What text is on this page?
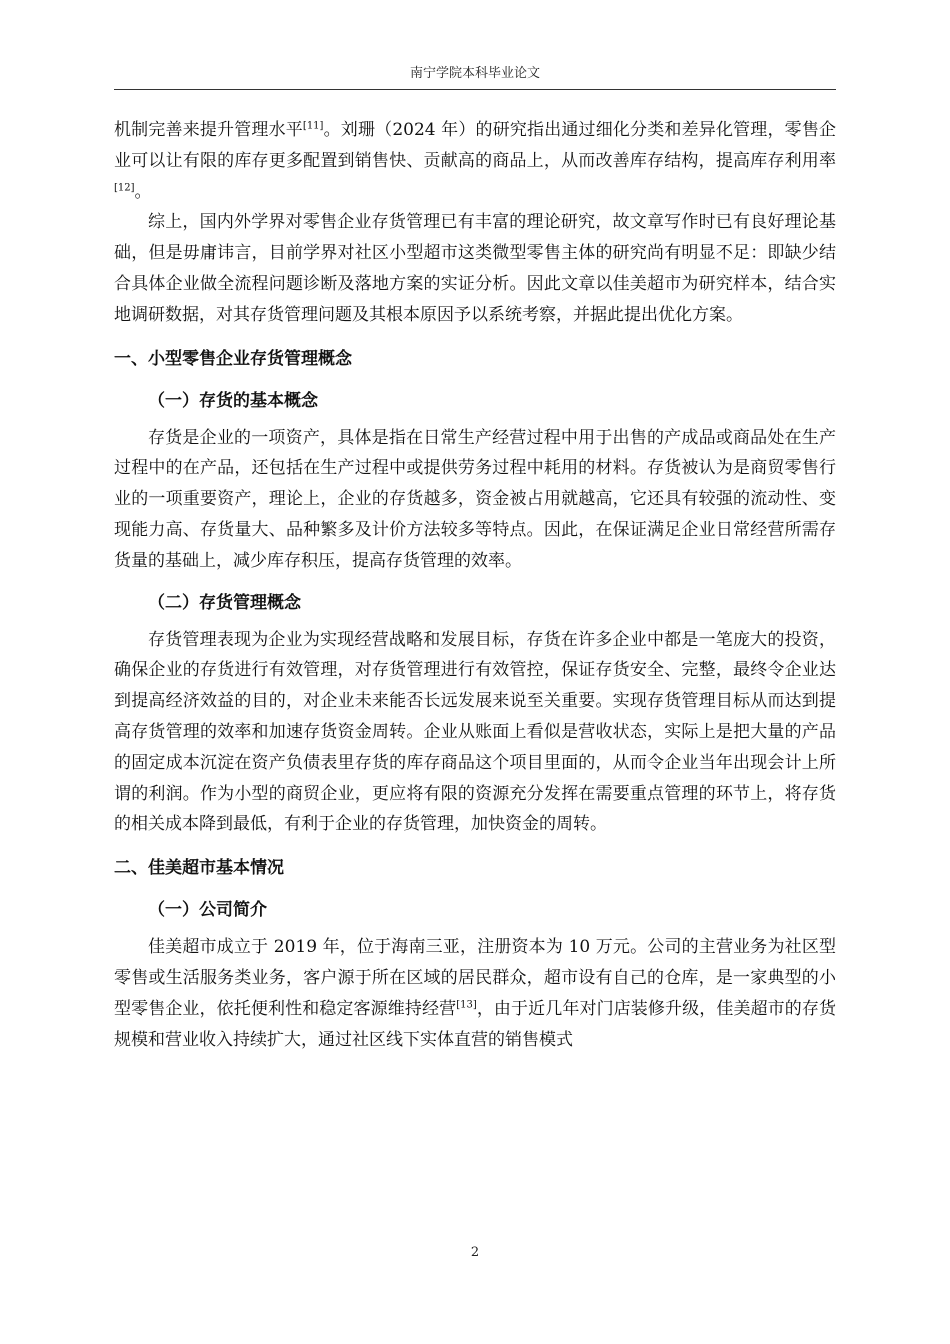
南宁学院本科毕业论文

机制完善来提升管理水平[11]。刘珊（2024 年）的研究指出通过细化分类和差异化管理，零售企业可以让有限的库存更多配置到销售快、贡献高的商品上，从而改善库存结构，提高库存利用率[12]。

综上，国内外学界对零售企业存货管理已有丰富的理论研究，故文章写作时已有良好理论基础，但是毋庸讳言，目前学界对社区小型超市这类微型零售主体的研究尚有明显不足：即缺少结合具体企业做全流程问题诊断及落地方案的实证分析。因此文章以佳美超市为研究样本，结合实地调研数据，对其存货管理问题及其根本原因予以系统考察，并据此提出优化方案。

一、小型零售企业存货管理概念
（一）存货的基本概念

存货是企业的一项资产，具体是指在日常生产经营过程中用于出售的产成品或商品处在生产过程中的在产品，还包括在生产过程中或提供劳务过程中耗用的材料。存货被认为是商贸零售行业的一项重要资产，理论上，企业的存货越多，资金被占用就越高，它还具有较强的流动性、变现能力高、存货量大、品种繁多及计价方法较多等特点。因此，在保证满足企业日常经营所需存货量的基础上，减少库存积压，提高存货管理的效率。

（二）存货管理概念

存货管理表现为企业为实现经营战略和发展目标，存货在许多企业中都是一笔庞大的投资，确保企业的存货进行有效管理，对存货管理进行有效管控，保证存货安全、完整，最终令企业达到提高经济效益的目的，对企业未来能否长远发展来说至关重要。实现存货管理目标从而达到提高存货管理的效率和加速存货资金周转。企业从账面上看似是营收状态，实际上是把大量的产品的固定成本沉淀在资产负债表里存货的库存商品这个项目里面的，从而令企业当年出现会计上所谓的利润。作为小型的商贸企业，更应将有限的资源充分发挥在需要重点管理的环节上，将存货的相关成本降到最低，有利于企业的存货管理，加快资金的周转。

二、佳美超市基本情况
（一）公司简介

佳美超市成立于 2019 年，位于海南三亚，注册资本为 10 万元。公司的主营业务为社区型零售或生活服务类业务，客户源于所在区域的居民群众，超市设有自己的仓库，是一家典型的小型零售企业，依托便利性和稳定客源维持经营[13]，由于近几年对门店装修升级，佳美超市的存货规模和营业收入持续扩大，通过社区线下实体直营的销售模式

2
